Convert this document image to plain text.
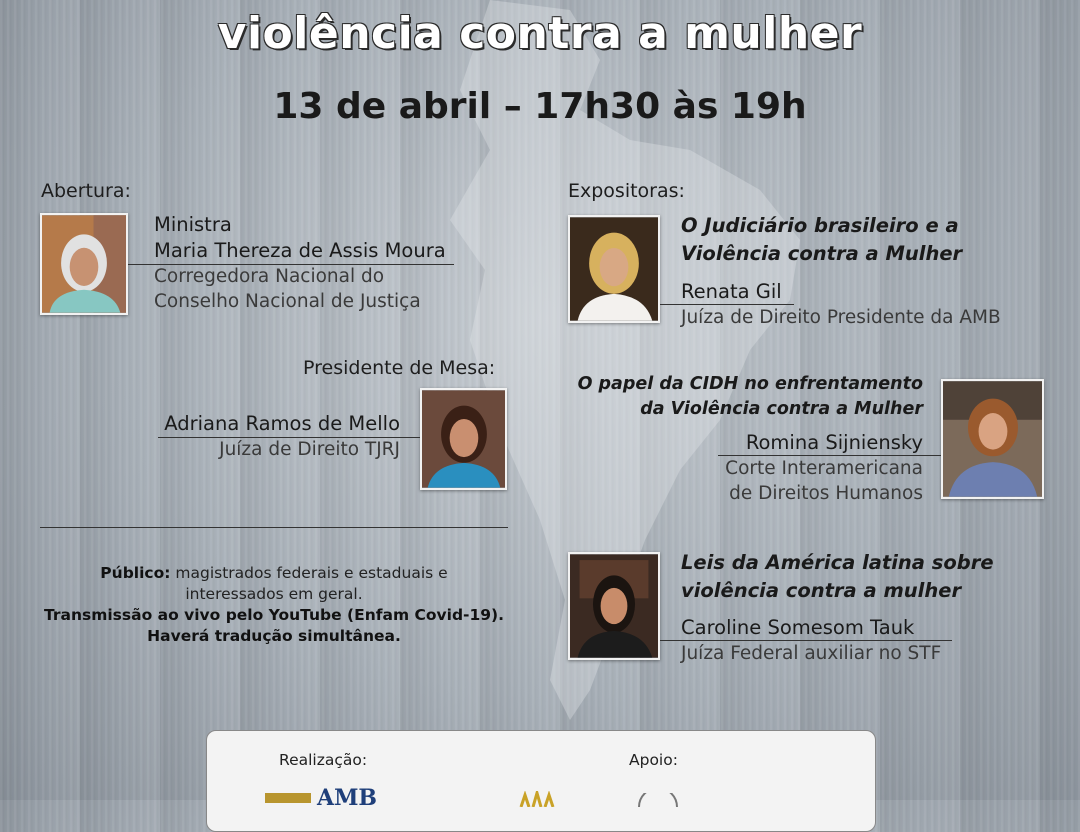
violência contra a mulher
13 de abril – 17h30 às 19h
Abertura:
Ministra
Maria Thereza de Assis Moura
Corregedora Nacional do
Conselho Nacional de Justiça
Presidente de Mesa:
Adriana Ramos de Mello
Juíza de Direito TJRJ
Público: magistrados federais e estaduais e
interessados em geral.
Transmissão ao vivo pelo YouTube (Enfam Covid-19).
Haverá tradução simultânea.
Expositoras:
O Judiciário brasileiro e a
Violência contra a Mulher
Renata Gil
Juíza de Direito Presidente da AMB
O papel da CIDH no enfrentamento
da Violência contra a Mulher
Romina Sijniensky
Corte Interamericana
de Direitos Humanos
Leis da América latina sobre
violência contra a mulher
Caroline Somesom Tauk
Juíza Federal auxiliar no STF
Realização:	Apoio:
AMB
